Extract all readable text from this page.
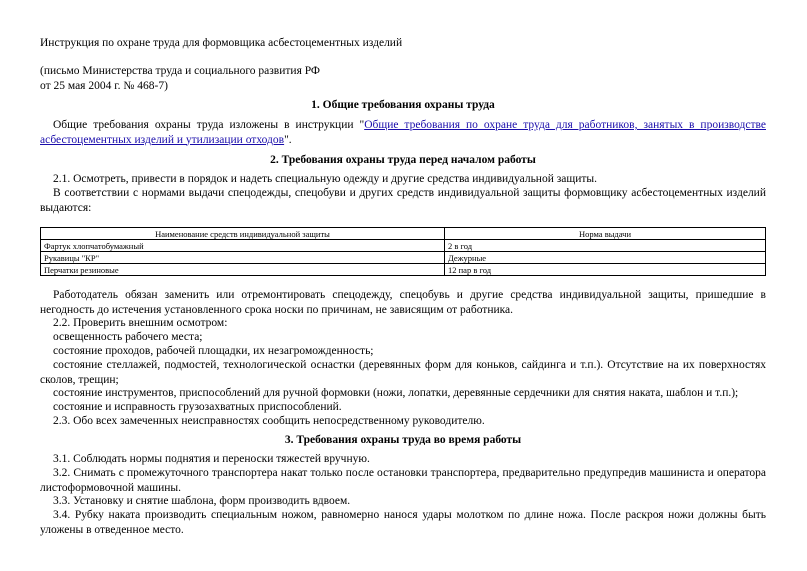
Инструкция по охране труда для формовщика асбестоцементных изделий
(письмо Министерства труда и социального развития РФ
от 25 мая 2004 г. № 468-7)
1. Общие требования охраны труда
Общие требования охраны труда изложены в инструкции "Общие требования по охране труда для работников, занятых в производстве асбестоцементных изделий и утилизации отходов".
2. Требования охраны труда перед началом работы
2.1. Осмотреть, привести в порядок и надеть специальную одежду и другие средства индивидуальной защиты.
В соответствии с нормами выдачи спецодежды, спецобуви и других средств индивидуальной защиты формовщику асбестоцементных изделий выдаются:
Наименование средств индивидуальной защиты	Норма выдачи
Фартук хлопчатобумажный	2 в год
Рукавицы "КР"	Дежурные
Перчатки резиновые	12 пар в год
Работодатель обязан заменить или отремонтировать спецодежду, спецобувь и другие средства индивидуальной защиты, пришедшие в негодность до истечения установленного срока носки по причинам, не зависящим от работника.
2.2. Проверить внешним осмотром:
освещенность рабочего места;
состояние проходов, рабочей площадки, их незагроможденность;
состояние стеллажей, подмостей, технологической оснастки (деревянных форм для коньков, сайдинга и т.п.). Отсутствие на их поверхностях сколов, трещин;
состояние инструментов, приспособлений для ручной формовки (ножи, лопатки, деревянные сердечники для снятия наката, шаблон и т.п.);
состояние и исправность грузозахватных приспособлений.
2.3. Обо всех замеченных неисправностях сообщить непосредственному руководителю.
3. Требования охраны труда во время работы
3.1. Соблюдать нормы поднятия и переноски тяжестей вручную.
3.2. Снимать с промежуточного транспортера накат только после остановки транспортера, предварительно предупредив машиниста и оператора листоформовочной машины.
3.3. Установку и снятие шаблона, форм производить вдвоем.
3.4. Рубку наката производить специальным ножом, равномерно нанося удары молотком по длине ножа. После раскроя ножи должны быть уложены в отведенное место.
